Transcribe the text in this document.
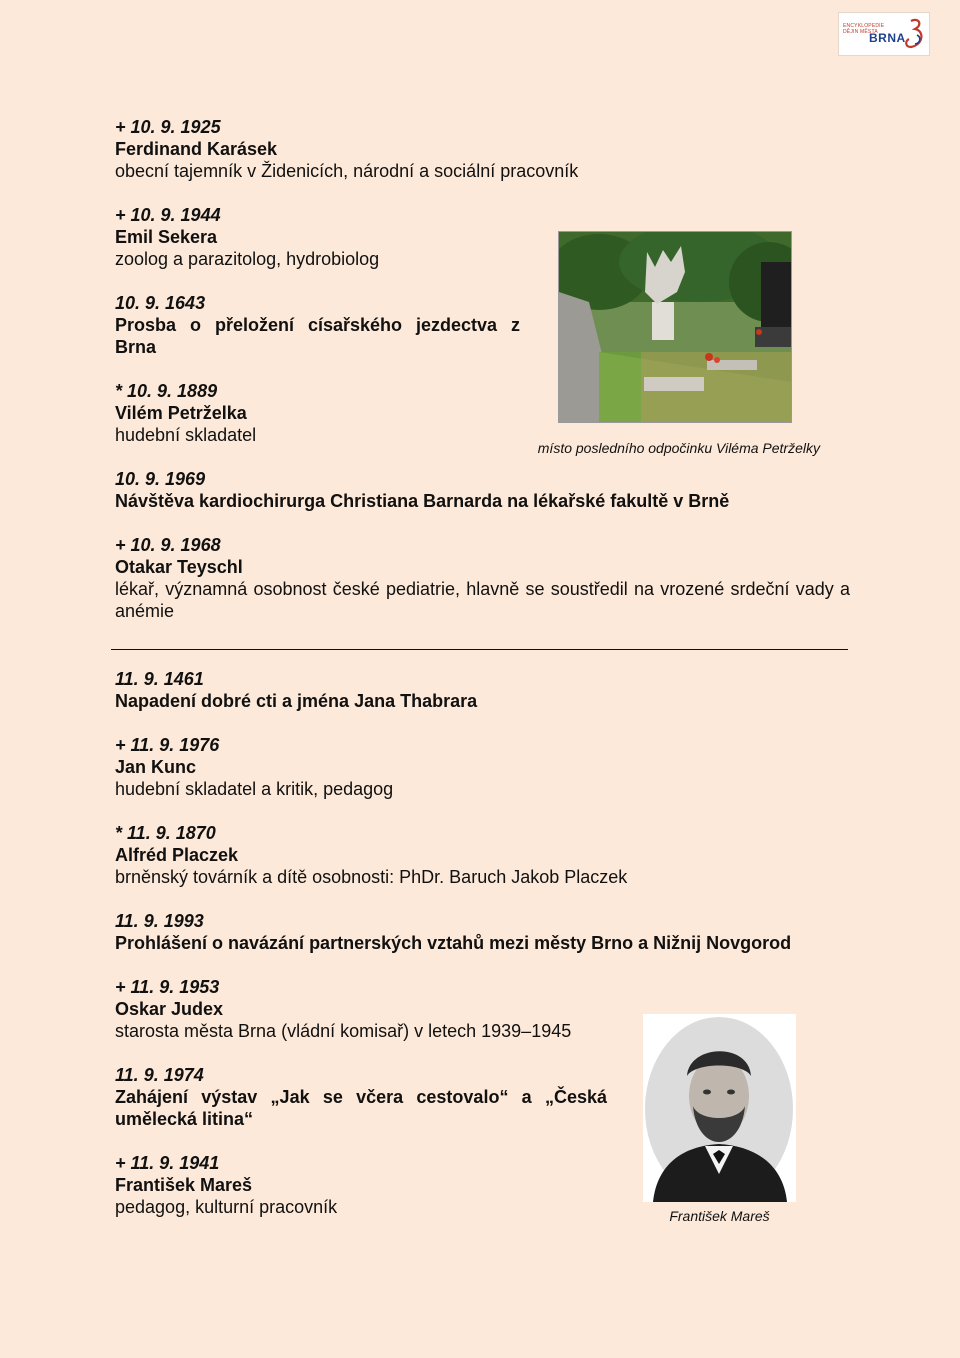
ENCYKLOPEDIE DĚJIN MĚSTA
BRNA
+ 10. 9. 1925
Ferdinand Karásek
obecní tajemník v Židenicích, národní a sociální pracovník
+ 10. 9. 1944
Emil Sekera
zoolog a parazitolog, hydrobiolog
10. 9. 1643
Prosba o přeložení císařského jezdectva z Brna
* 10. 9. 1889
Vilém Petrželka
hudební skladatel
10. 9. 1969
Návštěva kardiochirurga Christiana Barnarda na lékařské fakultě v Brně
+ 10. 9. 1968
Otakar Teyschl
lékař, významná osobnost české pediatrie, hlavně se soustředil na vrozené srdeční vady a anémie
11. 9. 1461
Napadení dobré cti a jména Jana Thabrara
+ 11. 9. 1976
Jan Kunc
hudební skladatel a kritik, pedagog
* 11. 9. 1870
Alfréd Placzek
brněnský továrník a dítě osobnosti: PhDr. Baruch Jakob Placzek
11. 9. 1993
Prohlášení o navázání partnerských vztahů mezi městy Brno a Nižnij Novgorod
+ 11. 9. 1953
Oskar Judex
starosta města Brna (vládní komisař) v letech 1939–1945
11. 9. 1974
Zahájení výstav „Jak se včera cestovalo“ a „Česká umělecká litina“
+ 11. 9. 1941
František Mareš
pedagog, kulturní pracovník
místo posledního odpočinku Viléma Petrželky
František Mareš
